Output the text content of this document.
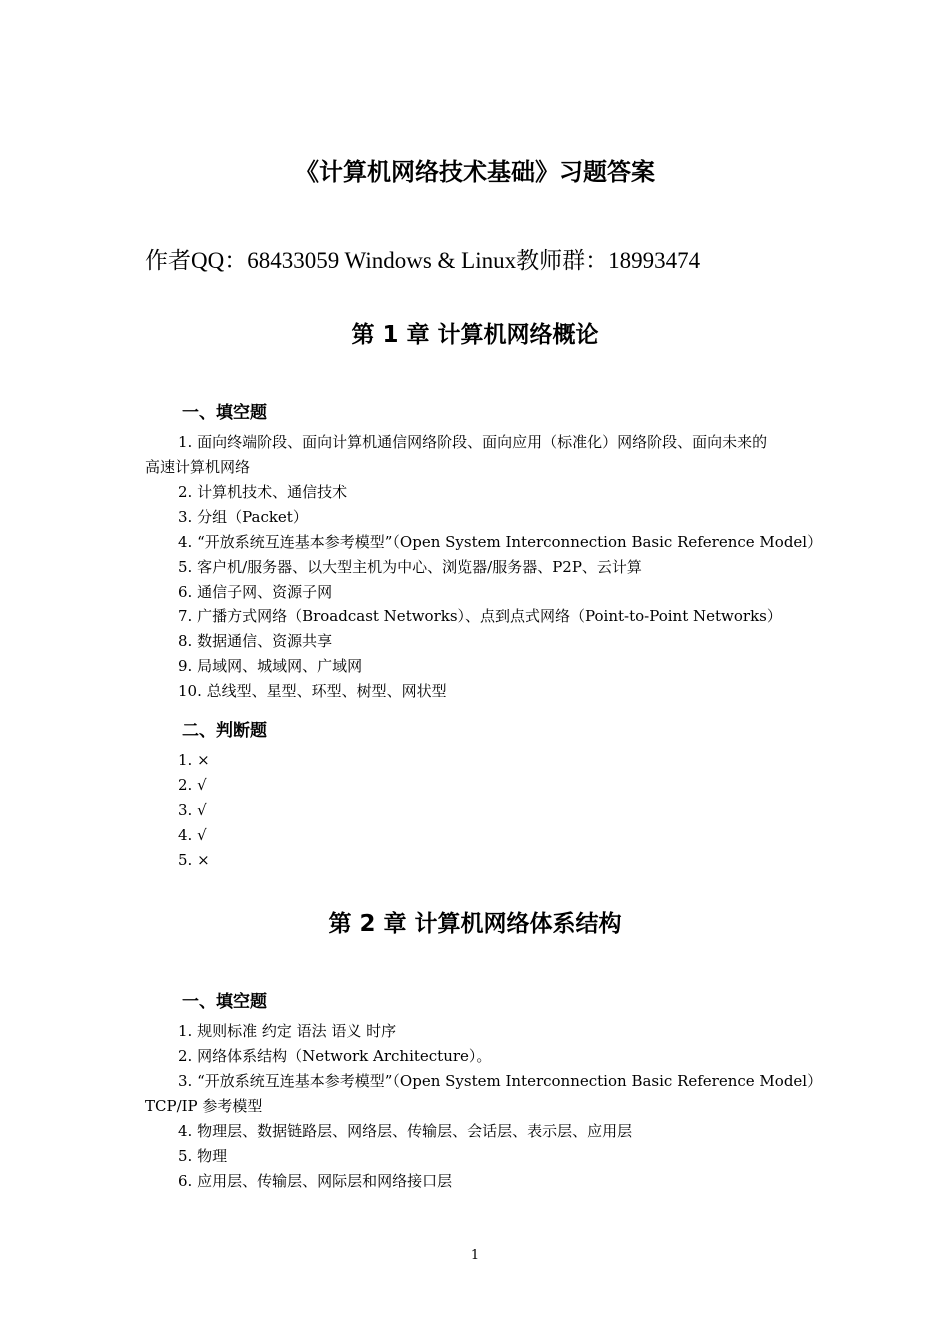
《计算机网络技术基础》习题答案
作者QQ：68433059 Windows & Linux教师群：18993474
第 1 章 计算机网络概论
一、填空题
1. 面向终端阶段、面向计算机通信网络阶段、面向应用（标准化）网络阶段、面向未来的
高速计算机网络
2. 计算机技术、通信技术
3. 分组（Packet）
4. “开放系统互连基本参考模型”（Open System Interconnection Basic Reference Model）
5. 客户机/服务器、以大型主机为中心、浏览器/服务器、P2P、云计算
6. 通信子网、资源子网
7. 广播方式网络（Broadcast Networks）、点到点式网络（Point-to-Point Networks）
8. 数据通信、资源共享
9. 局域网、城域网、广域网
10. 总线型、星型、环型、树型、网状型
二、判断题
1. ×
2. √
3. √
4. √
5. ×
第 2 章 计算机网络体系结构
一、填空题
1. 规则标准 约定 语法 语义 时序
2. 网络体系结构（Network Architecture）。
3. “开放系统互连基本参考模型”（Open System Interconnection Basic Reference Model）
TCP/IP 参考模型
4. 物理层、数据链路层、网络层、传输层、会话层、表示层、应用层
5. 物理
6. 应用层、传输层、网际层和网络接口层
1
